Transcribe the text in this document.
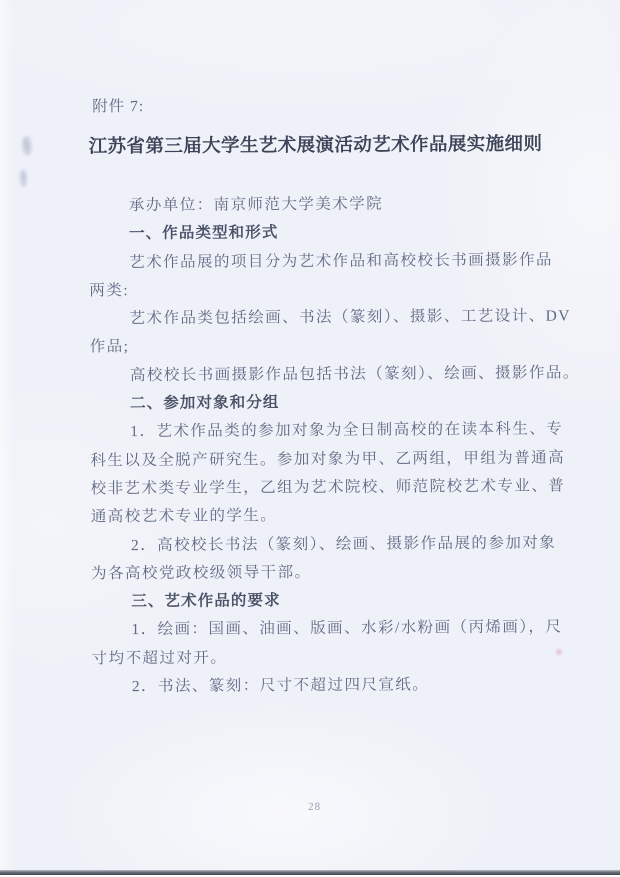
附件 7:
江苏省第三届大学生艺术展演活动艺术作品展实施细则
承办单位：南京师范大学美术学院
一、作品类型和形式
艺术作品展的项目分为艺术作品和高校校长书画摄影作品
两类:
艺术作品类包括绘画、书法（篆刻）、摄影、工艺设计、DV
作品;
高校校长书画摄影作品包括书法（篆刻）、绘画、摄影作品。
二、参加对象和分组
1．艺术作品类的参加对象为全日制高校的在读本科生、专
科生以及全脱产研究生。参加对象为甲、乙两组，甲组为普通高
校非艺术类专业学生，乙组为艺术院校、师范院校艺术专业、普
通高校艺术专业的学生。
2．高校校长书法（篆刻）、绘画、摄影作品展的参加对象
为各高校党政校级领导干部。
三、艺术作品的要求
1．绘画：国画、油画、版画、水彩/水粉画（丙烯画），尺
寸均不超过对开。
2．书法、篆刻：尺寸不超过四尺宣纸。
28
